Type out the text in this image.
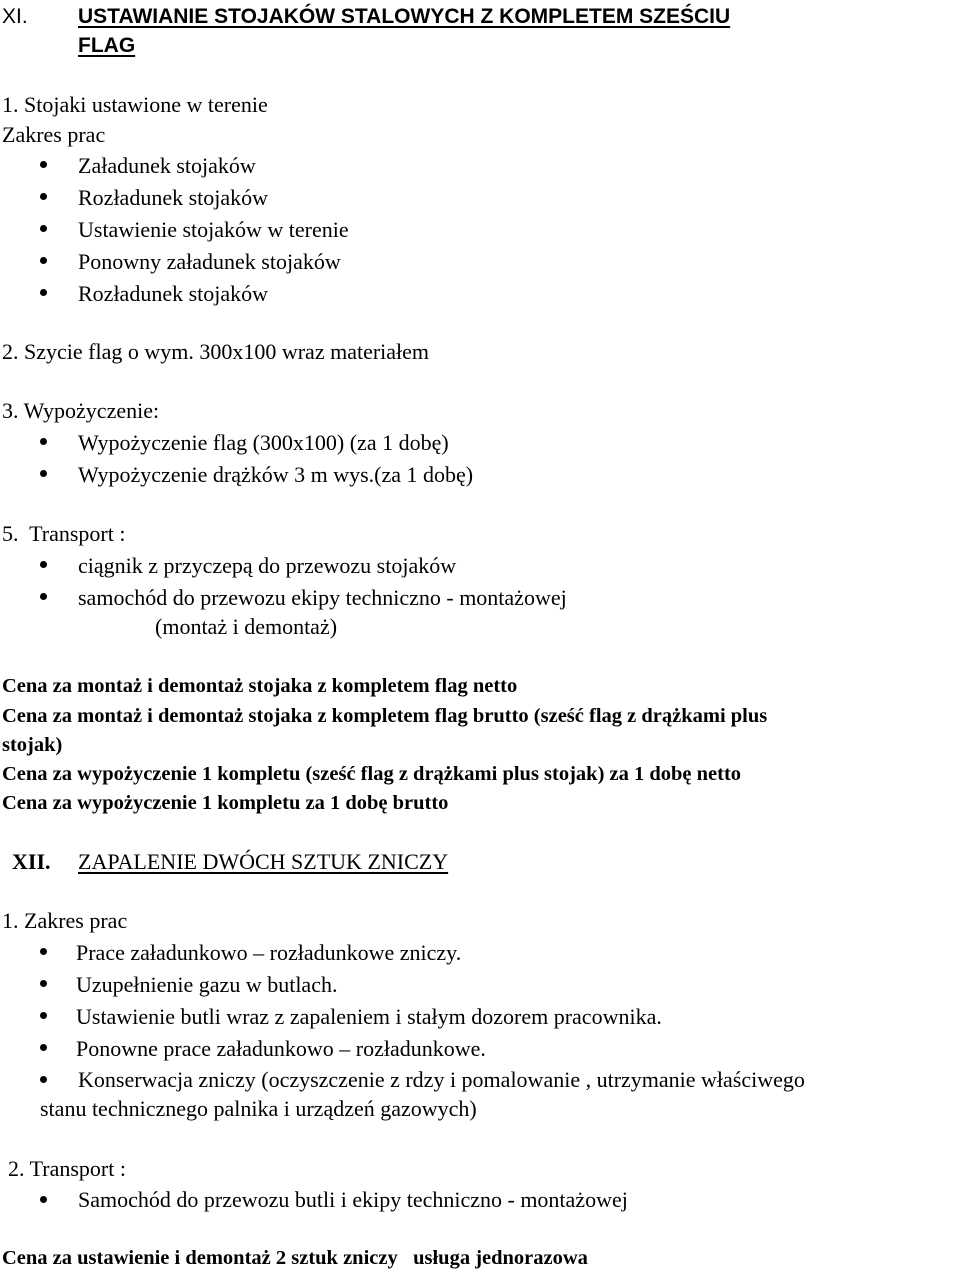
XI. USTAWIANIE STOJAKÓW STALOWYCH Z KOMPLETEM SZEŚCIU
FLAG
1. Stojaki ustawione w terenie
Zakres prac
Załadunek stojaków
Rozładunek stojaków
Ustawienie stojaków w terenie
Ponowny załadunek stojaków
Rozładunek stojaków
2. Szycie flag o wym. 300x100 wraz materiałem
3. Wypożyczenie:
Wypożyczenie flag (300x100) (za 1 dobę)
Wypożyczenie drążków 3 m wys.(za 1 dobę)
5.  Transport :
ciągnik z przyczepą do przewozu stojaków
samochód do przewozu ekipy techniczno - montażowej
(montaż i demontaż)
Cena za montaż i demontaż stojaka z kompletem flag netto
Cena za montaż i demontaż stojaka z kompletem flag brutto (sześć flag z drążkami plus
stojak)
Cena za wypożyczenie 1 kompletu (sześć flag z drążkami plus stojak) za 1 dobę netto
Cena za wypożyczenie 1 kompletu za 1 dobę brutto
XII. ZAPALENIE DWÓCH SZTUK ZNICZY
1. Zakres prac
Prace załadunkowo – rozładunkowe zniczy.
Uzupełnienie gazu w butlach.
Ustawienie butli wraz z zapaleniem i stałym dozorem pracownika.
Ponowne prace załadunkowo – rozładunkowe.
Konserwacja zniczy (oczyszczenie z rdzy i pomalowanie , utrzymanie właściwego
stanu technicznego palnika i urządzeń gazowych)
2. Transport :
Samochód do przewozu butli i ekipy techniczno - montażowej
Cena za ustawienie i demontaż 2 sztuk zniczy   usługa jednorazowa
